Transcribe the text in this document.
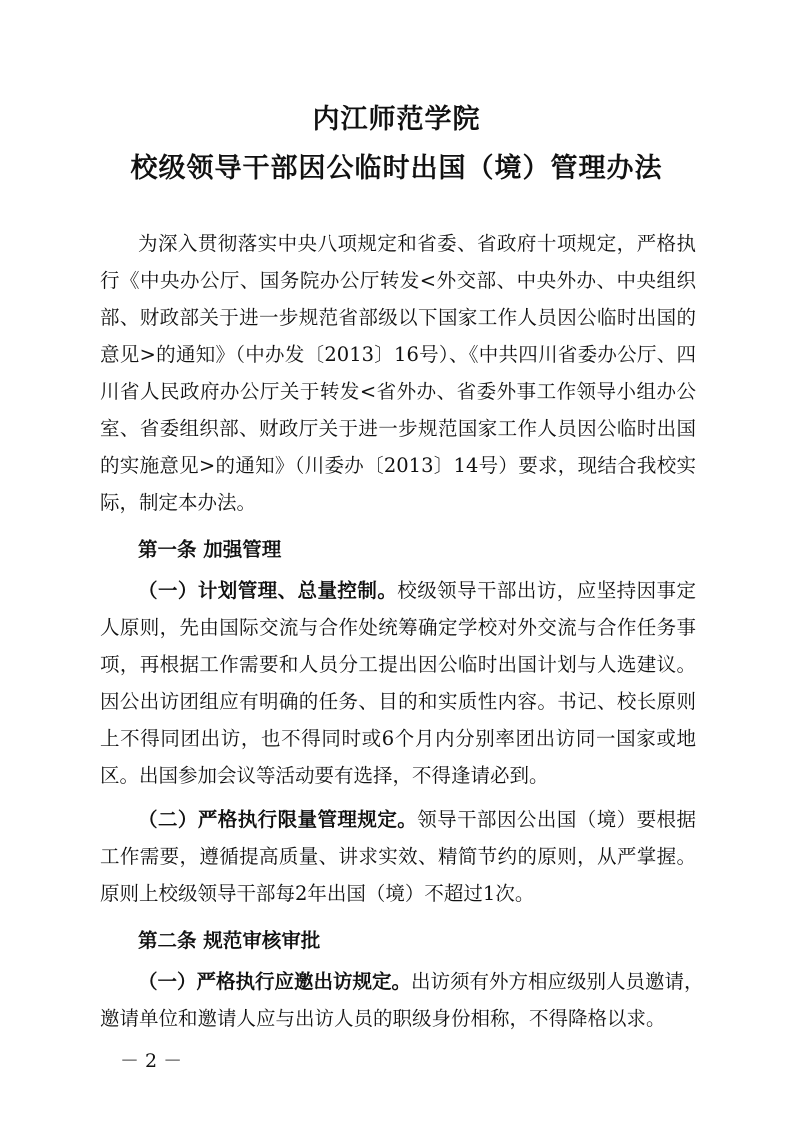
内江师范学院
校级领导干部因公临时出国（境）管理办法
为深入贯彻落实中央八项规定和省委、省政府十项规定，严格执
行《中央办公厅、国务院办公厅转发<外交部、中央外办、中央组织
部、财政部关于进一步规范省部级以下国家工作人员因公临时出国的
意见>的通知》（中办发〔2013〕16号）、《中共四川省委办公厅、四
川省人民政府办公厅关于转发<省外办、省委外事工作领导小组办公
室、省委组织部、财政厅关于进一步规范国家工作人员因公临时出国
的实施意见>的通知》（川委办〔2013〕14号）要求，现结合我校实
际，制定本办法。
第一条 加强管理
（一）计划管理、总量控制。校级领导干部出访，应坚持因事定
人原则，先由国际交流与合作处统筹确定学校对外交流与合作任务事
项，再根据工作需要和人员分工提出因公临时出国计划与人选建议。
因公出访团组应有明确的任务、目的和实质性内容。书记、校长原则
上不得同团出访，也不得同时或6个月内分别率团出访同一国家或地
区。出国参加会议等活动要有选择，不得逢请必到。
（二）严格执行限量管理规定。领导干部因公出国（境）要根据
工作需要，遵循提高质量、讲求实效、精简节约的原则，从严掌握。
原则上校级领导干部每2年出国（境）不超过1次。
第二条 规范审核审批
（一）严格执行应邀出访规定。出访须有外方相应级别人员邀请，
邀请单位和邀请人应与出访人员的职级身份相称，不得降格以求。
－ 2 －
